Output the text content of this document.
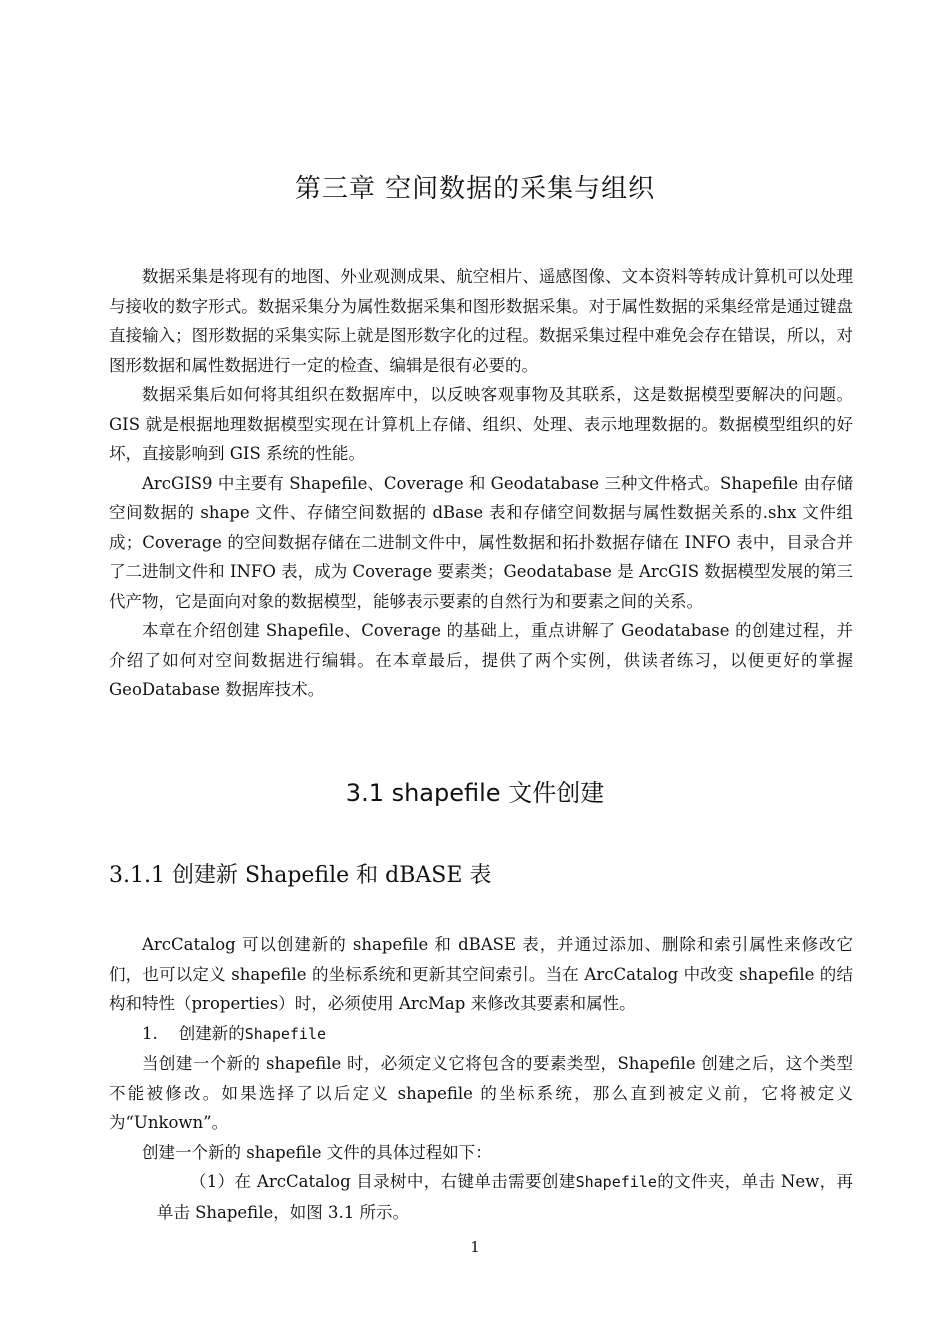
第三章 空间数据的采集与组织

数据采集是将现有的地图、外业观测成果、航空相片、遥感图像、文本资料等转成计算机可以处理与接收的数字形式。数据采集分为属性数据采集和图形数据采集。对于属性数据的采集经常是通过键盘直接输入；图形数据的采集实际上就是图形数字化的过程。数据采集过程中难免会存在错误，所以，对图形数据和属性数据进行一定的检查、编辑是很有必要的。

数据采集后如何将其组织在数据库中，以反映客观事物及其联系，这是数据模型要解决的问题。GIS 就是根据地理数据模型实现在计算机上存储、组织、处理、表示地理数据的。数据模型组织的好坏，直接影响到 GIS 系统的性能。

ArcGIS9 中主要有 Shapefile、Coverage 和 Geodatabase 三种文件格式。Shapefile 由存储空间数据的 shape 文件、存储空间数据的 dBase 表和存储空间数据与属性数据关系的.shx 文件组成；Coverage 的空间数据存储在二进制文件中，属性数据和拓扑数据存储在 INFO 表中，目录合并了二进制文件和 INFO 表，成为 Coverage 要素类；Geodatabase 是 ArcGIS 数据模型发展的第三代产物，它是面向对象的数据模型，能够表示要素的自然行为和要素之间的关系。

本章在介绍创建 Shapefile、Coverage 的基础上，重点讲解了 Geodatabase 的创建过程，并介绍了如何对空间数据进行编辑。在本章最后，提供了两个实例，供读者练习，以便更好的掌握 GeoDatabase 数据库技术。

3.1 shapefile 文件创建
3.1.1 创建新 Shapefile 和 dBASE 表

ArcCatalog 可以创建新的 shapefile 和 dBASE 表，并通过添加、删除和索引属性来修改它们，也可以定义 shapefile 的坐标系统和更新其空间索引。当在 ArcCatalog 中改变 shapefile 的结构和特性（properties）时，必须使用 ArcMap 来修改其要素和属性。

1. 创建新的Shapefile

当创建一个新的 shapefile 时，必须定义它将包含的要素类型，Shapefile 创建之后，这个类型不能被修改。如果选择了以后定义 shapefile 的坐标系统，那么直到被定义前，它将被定义为“Unkown”。

创建一个新的 shapefile 文件的具体过程如下：

（1）在 ArcCatalog 目录树中，右键单击需要创建Shapefile的文件夹，单击 New，再单击 Shapefile，如图 3.1 所示。

1
